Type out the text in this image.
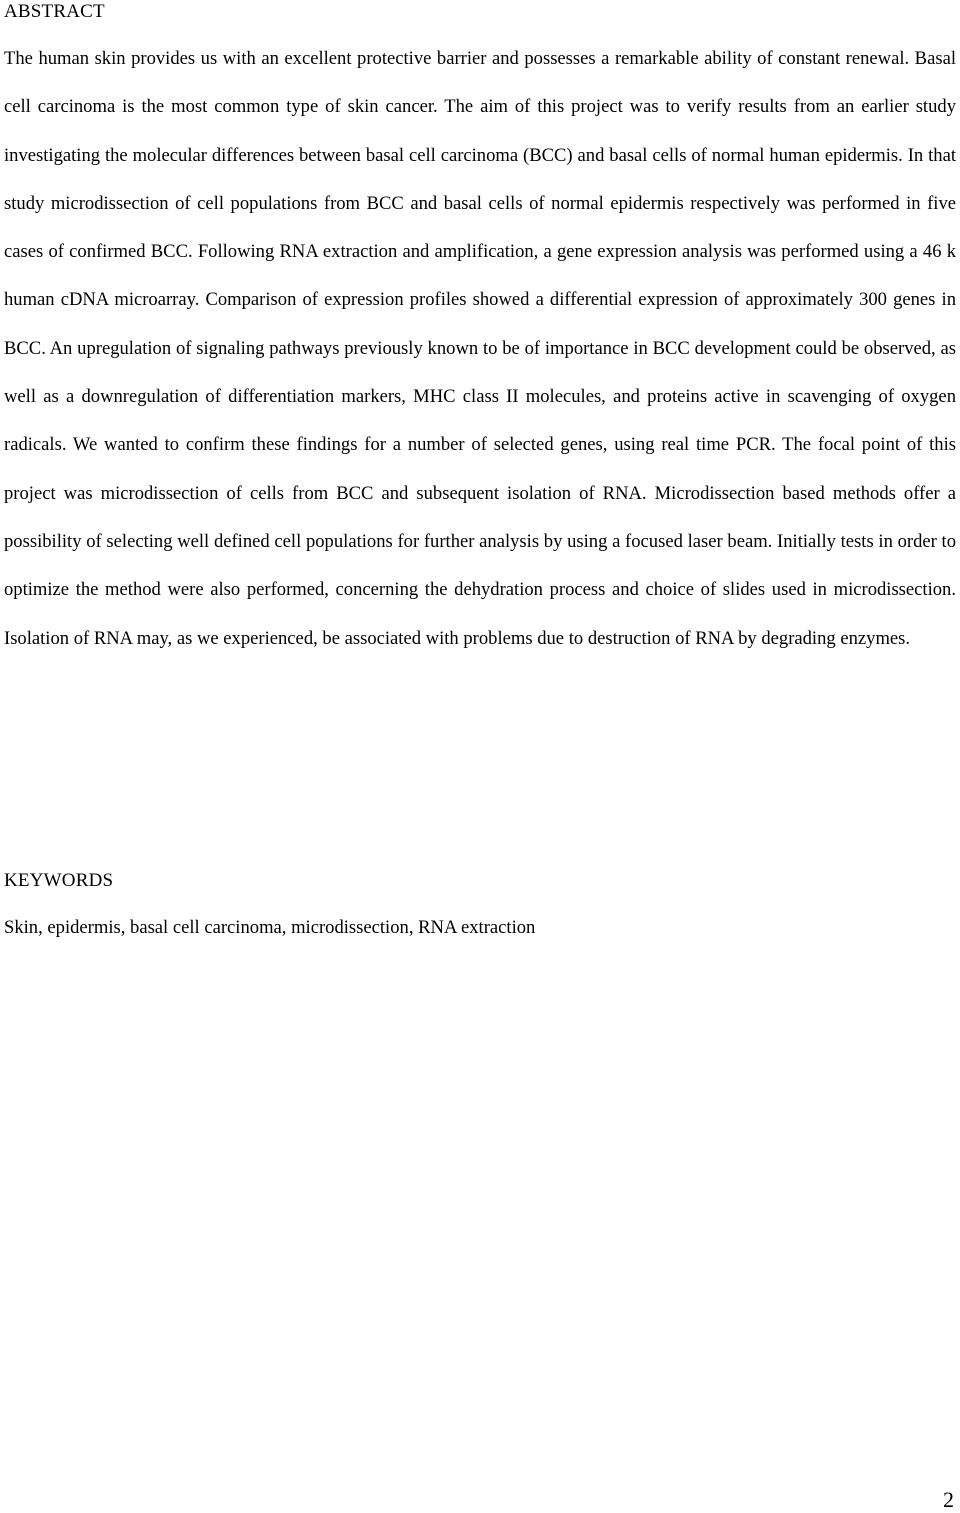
ABSTRACT

The human skin provides us with an excellent protective barrier and possesses a remarkable ability of constant renewal. Basal cell carcinoma is the most common type of skin cancer. The aim of this project was to verify results from an earlier study investigating the molecular differences between basal cell carcinoma (BCC) and basal cells of normal human epidermis. In that study microdissection of cell populations from BCC and basal cells of normal epidermis respectively was performed in five cases of confirmed BCC. Following RNA extraction and amplification, a gene expression analysis was performed using a 46 k human cDNA microarray. Comparison of expression profiles showed a differential expression of approximately 300 genes in BCC. An upregulation of signaling pathways previously known to be of importance in BCC development could be observed, as well as a downregulation of differentiation markers, MHC class II molecules, and proteins active in scavenging of oxygen radicals. We wanted to confirm these findings for a number of selected genes, using real time PCR. The focal point of this project was microdissection of cells from BCC and subsequent isolation of RNA. Microdissection based methods offer a possibility of selecting well defined cell populations for further analysis by using a focused laser beam. Initially tests in order to optimize the method were also performed, concerning the dehydration process and choice of slides used in microdissection. Isolation of RNA may, as we experienced, be associated with problems due to destruction of RNA by degrading enzymes.

KEYWORDS

Skin, epidermis, basal cell carcinoma, microdissection, RNA extraction

2
